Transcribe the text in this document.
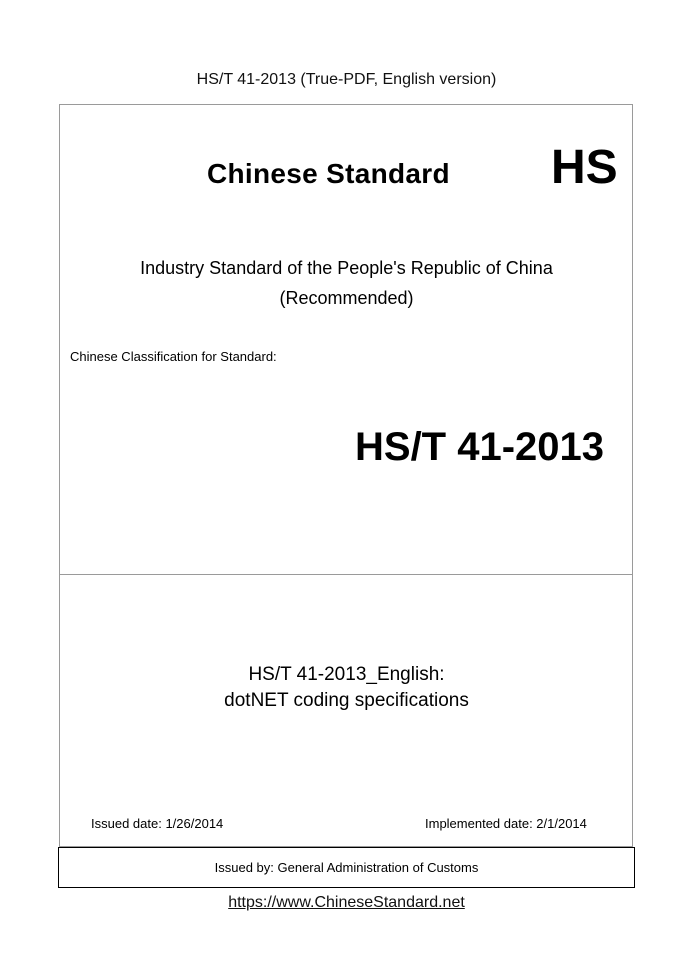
HS/T 41-2013 (True-PDF, English version)
Chinese Standard HS
Industry Standard of the People's Republic of China
(Recommended)
Chinese Classification for Standard:
HS/T 41-2013
HS/T 41-2013_English:
dotNET coding specifications
Issued date: 1/26/2014	Implemented date: 2/1/2014
Issued by: General Administration of Customs
https://www.ChineseStandard.net
